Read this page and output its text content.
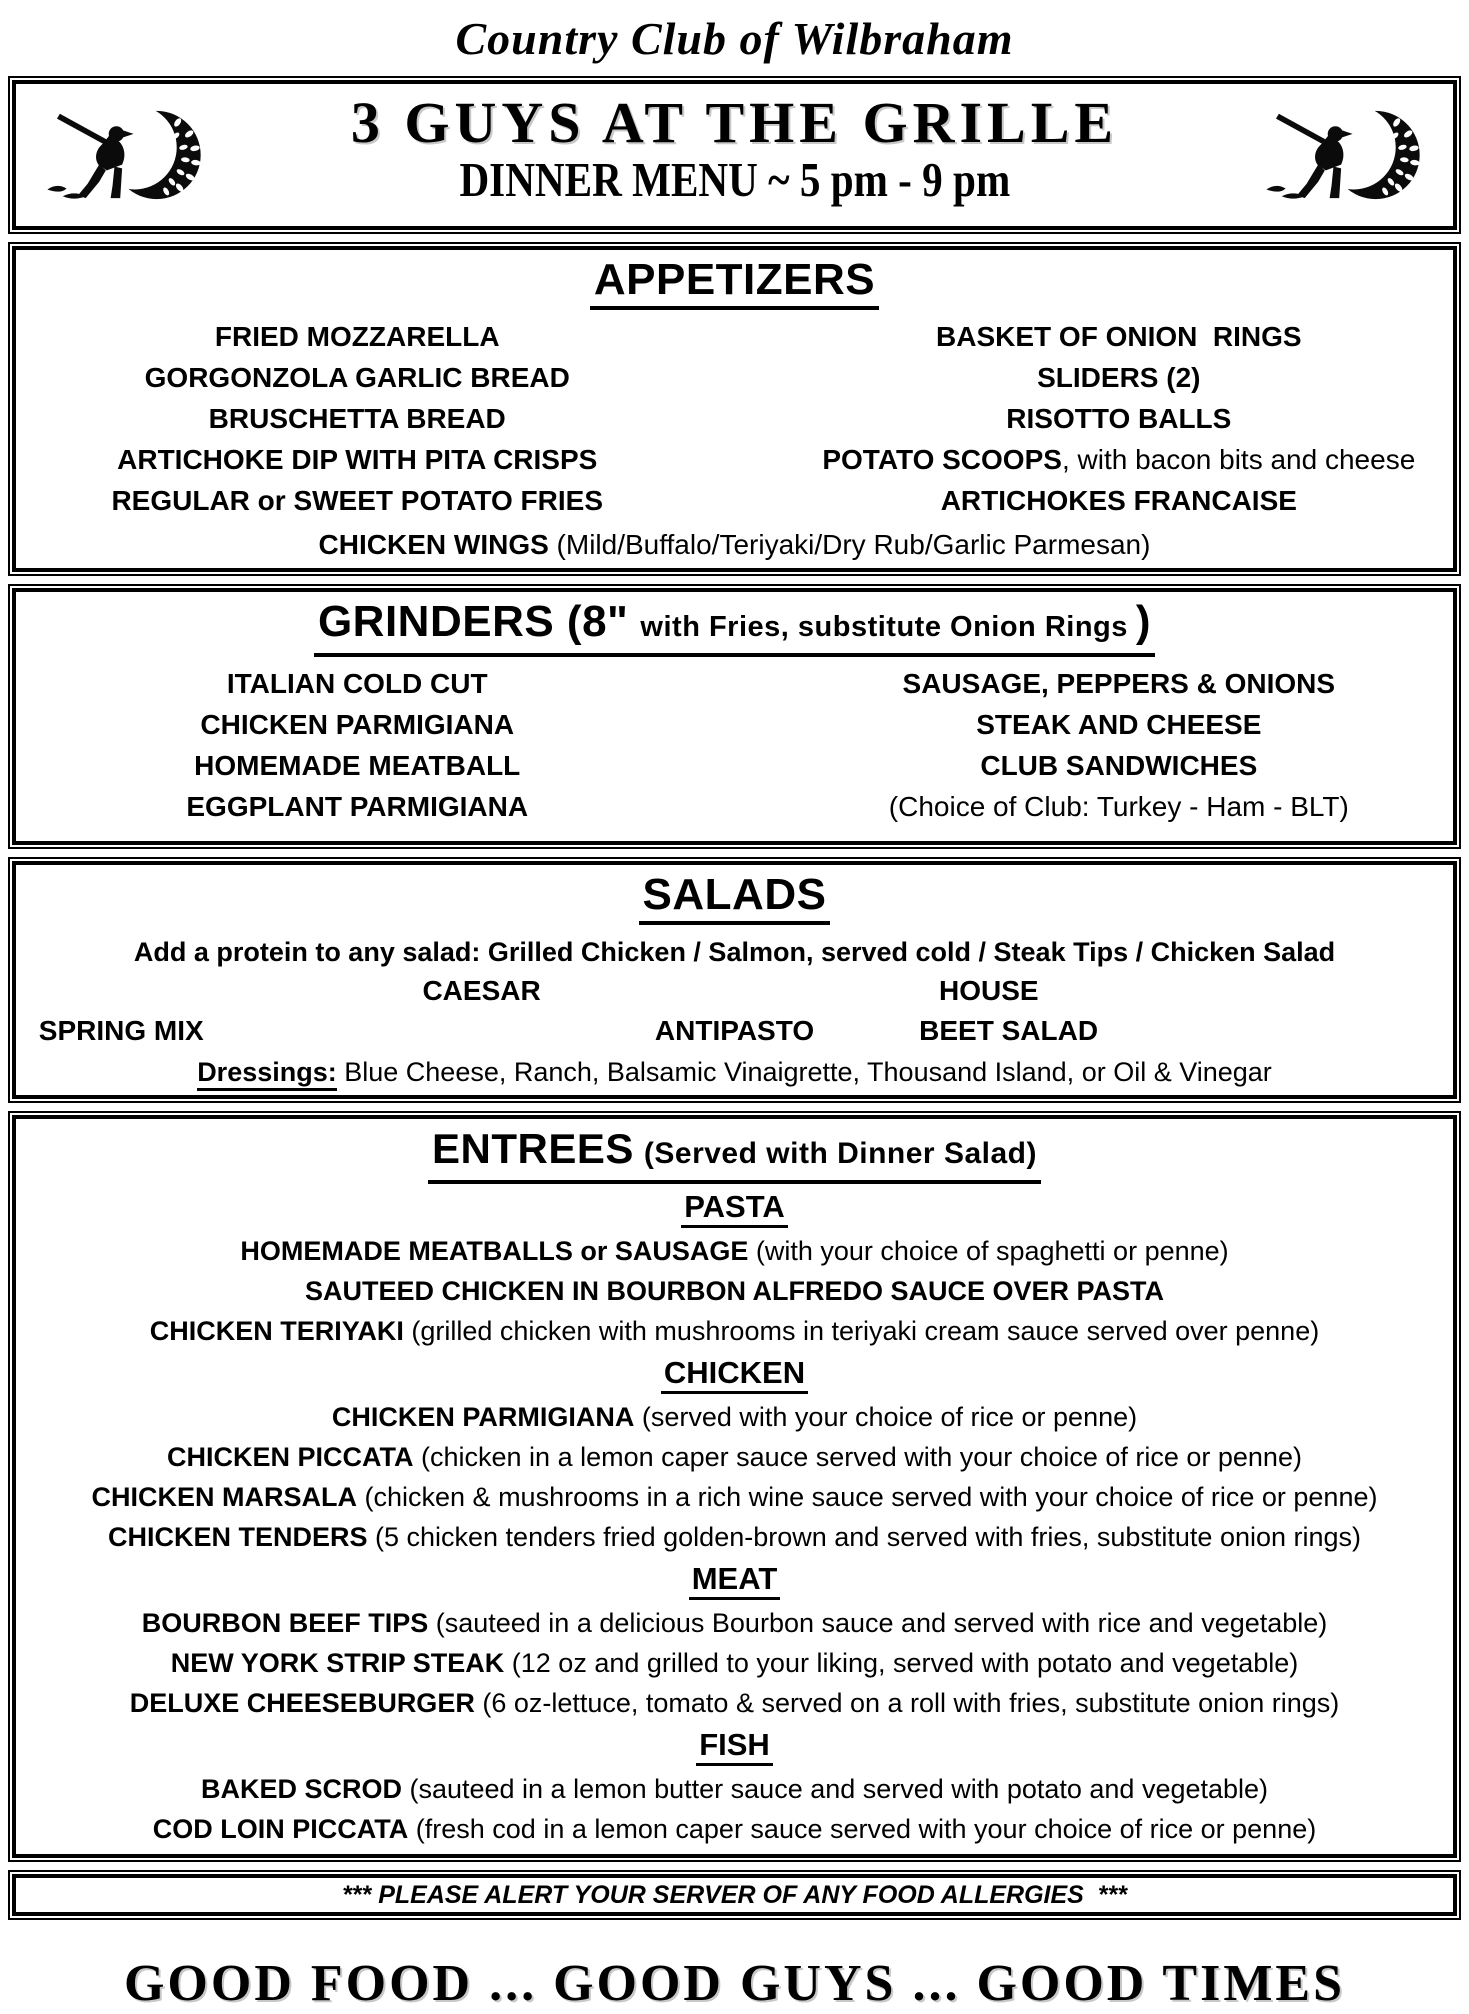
Country Club of Wilbraham
3 GUYS AT THE GRILLE
DINNER MENU ~ 5 pm - 9 pm
APPETIZERS
FRIED MOZZARELLA
GORGONZOLA GARLIC BREAD
BRUSCHETTA BREAD
ARTICHOKE DIP WITH PITA CRISPS
REGULAR or SWEET POTATO FRIES
BASKET OF ONION  RINGS
SLIDERS (2)
RISOTTO BALLS
POTATO SCOOPS, with bacon bits and cheese
ARTICHOKES FRANCAISE
CHICKEN WINGS (Mild/Buffalo/Teriyaki/Dry Rub/Garlic Parmesan)
GRINDERS (8" with Fries, substitute Onion Rings )
ITALIAN COLD CUT
CHICKEN PARMIGIANA
HOMEMADE MEATBALL
EGGPLANT PARMIGIANA
SAUSAGE, PEPPERS & ONIONS
STEAK AND CHEESE
CLUB SANDWICHES
(Choice of Club: Turkey - Ham - BLT)
SALADS
Add a protein to any salad: Grilled Chicken / Salmon, served cold / Steak Tips / Chicken Salad
CAESAR	HOUSE
SPRING MIX	ANTIPASTO	BEET SALAD
Dressings: Blue Cheese, Ranch, Balsamic Vinaigrette, Thousand Island, or Oil & Vinegar
ENTREES (Served with Dinner Salad)
PASTA
HOMEMADE MEATBALLS or SAUSAGE (with your choice of spaghetti or penne)
SAUTEED CHICKEN IN BOURBON ALFREDO SAUCE OVER PASTA
CHICKEN TERIYAKI (grilled chicken with mushrooms in teriyaki cream sauce served over penne)
CHICKEN
CHICKEN PARMIGIANA (served with your choice of rice or penne)
CHICKEN PICCATA (chicken in a lemon caper sauce served with your choice of rice or penne)
CHICKEN MARSALA (chicken & mushrooms in a rich wine sauce served with your choice of rice or penne)
CHICKEN TENDERS (5 chicken tenders fried golden-brown and served with fries, substitute onion rings)
MEAT
BOURBON BEEF TIPS (sauteed in a delicious Bourbon sauce and served with rice and vegetable)
NEW YORK STRIP STEAK (12 oz and grilled to your liking, served with potato and vegetable)
DELUXE CHEESEBURGER (6 oz-lettuce, tomato & served on a roll with fries, substitute onion rings)
FISH
BAKED SCROD (sauteed in a lemon butter sauce and served with potato and vegetable)
COD LOIN PICCATA (fresh cod in a lemon caper sauce served with your choice of rice or penne)
*** PLEASE ALERT YOUR SERVER OF ANY FOOD ALLERGIES  ***
GOOD FOOD ... GOOD GUYS ... GOOD TIMES
